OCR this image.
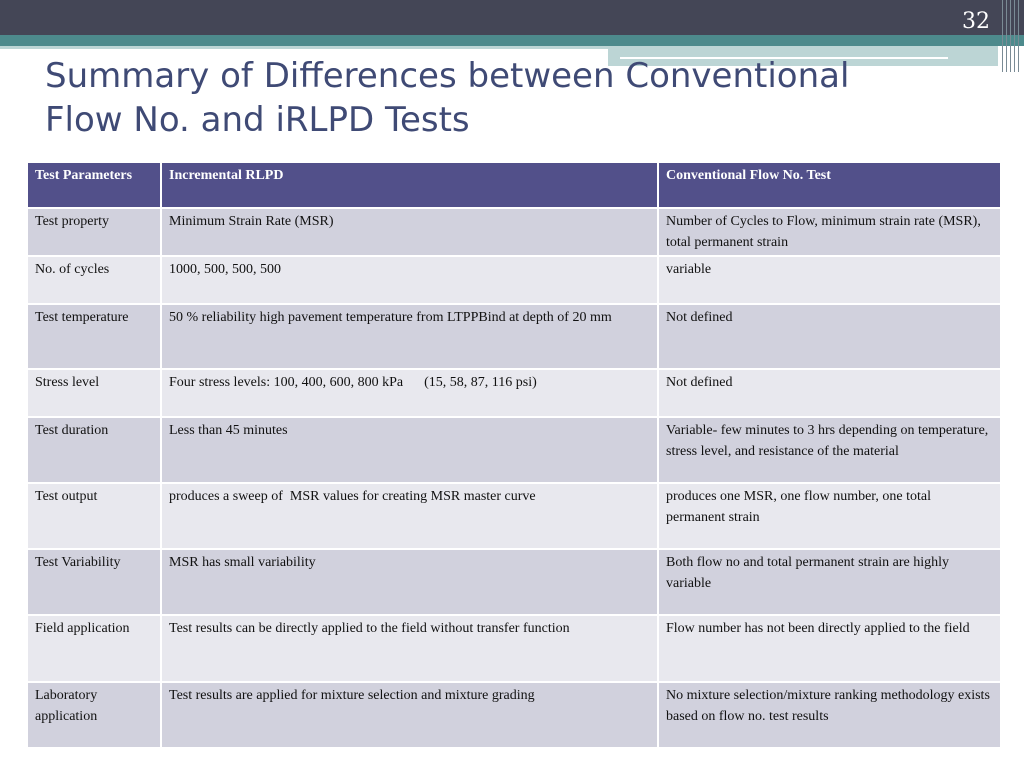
32
Summary of Differences between Conventional
Flow No. and iRLPD Tests
Test Parameters	Incremental RLPD	Conventional Flow No. Test
Test property	Minimum Strain Rate (MSR)	Number of Cycles to Flow, minimum strain rate (MSR), total permanent strain
No. of cycles	1000, 500, 500, 500	variable
Test temperature	50 % reliability high pavement temperature from LTPPBind at depth of 20 mm	Not defined
Stress level	Four stress levels: 100, 400, 600, 800 kPa      (15, 58, 87, 116 psi)	Not defined
Test duration	Less than 45 minutes	Variable- few minutes to 3 hrs depending on temperature, stress level, and resistance of the material
Test output	produces a sweep of  MSR values for creating MSR master curve	produces one MSR, one flow number, one total permanent strain
Test Variability	MSR has small variability	Both flow no and total permanent strain are highly variable
Field application	Test results can be directly applied to the field without transfer function	Flow number has not been directly applied to the field
Laboratory application	Test results are applied for mixture selection and mixture grading	No mixture selection/mixture ranking methodology exists based on flow no. test results
